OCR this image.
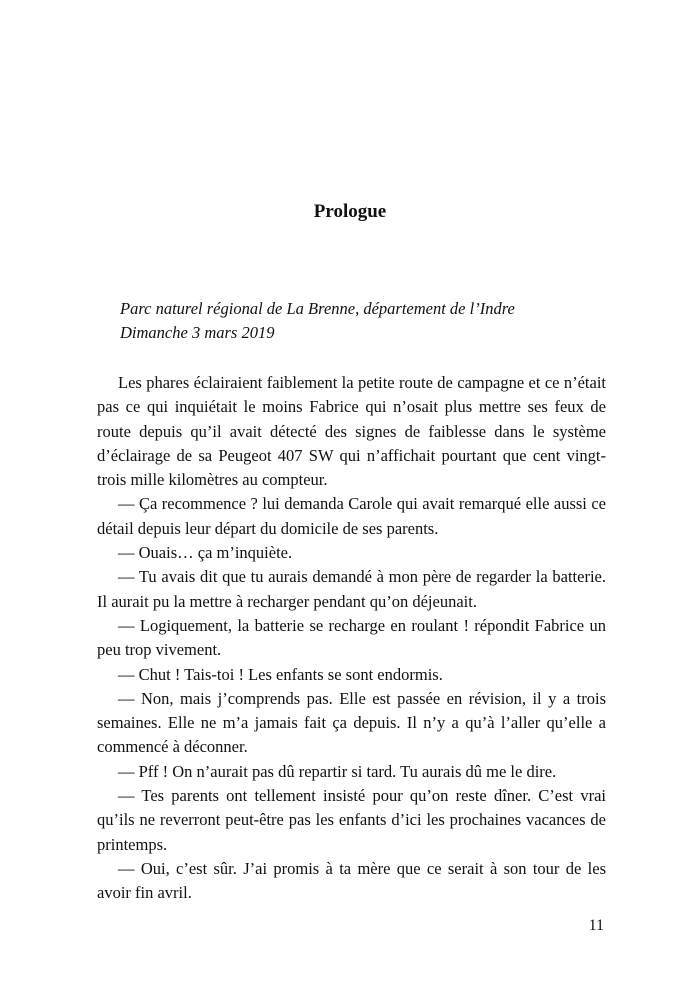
Prologue
Parc naturel régional de La Brenne, département de l’Indre
Dimanche 3 mars 2019

Les phares éclairaient faiblement la petite route de campagne et ce n’était pas ce qui inquiétait le moins Fabrice qui n’osait plus mettre ses feux de route depuis qu’il avait détecté des signes de faiblesse dans le système d’éclairage de sa Peugeot 407 SW qui n’affichait pourtant que cent vingt-trois mille kilomètres au compteur.

— Ça recommence ? lui demanda Carole qui avait remarqué elle aussi ce détail depuis leur départ du domicile de ses parents.

— Ouais… ça m’inquiète.

— Tu avais dit que tu aurais demandé à mon père de regarder la batterie. Il aurait pu la mettre à recharger pendant qu’on déjeunait.

— Logiquement, la batterie se recharge en roulant ! répondit Fabrice un peu trop vivement.

— Chut ! Tais-toi ! Les enfants se sont endormis.

— Non, mais j’comprends pas. Elle est passée en révision, il y a trois semaines. Elle ne m’a jamais fait ça depuis. Il n’y a qu’à l’aller qu’elle a commencé à déconner.

— Pff ! On n’aurait pas dû repartir si tard. Tu aurais dû me le dire.

— Tes parents ont tellement insisté pour qu’on reste dîner. C’est vrai qu’ils ne reverront peut-être pas les enfants d’ici les prochaines vacances de printemps.

— Oui, c’est sûr. J’ai promis à ta mère que ce serait à son tour de les avoir fin avril.

11
